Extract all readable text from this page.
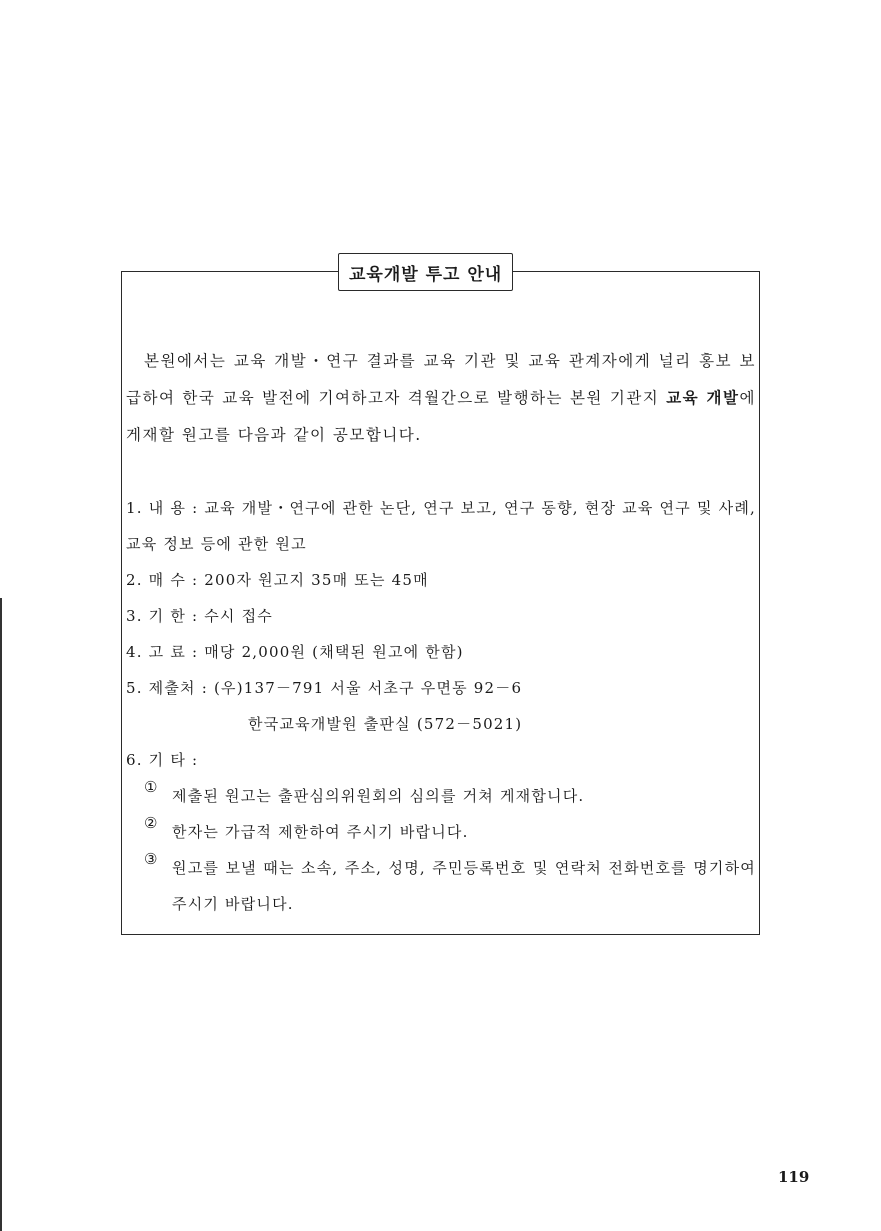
교육개발 투고 안내
본원에서는 교육 개발・연구 결과를 교육 기관 및 교육 관계자에게 널리 홍보 보급하여 한국 교육 발전에 기여하고자 격월간으로 발행하는 본원 기관지 교육 개발에 게재할 원고를 다음과 같이 공모합니다.
1. 내 용 : 교육 개발・연구에 관한 논단, 연구 보고, 연구 동향, 현장 교육 연구 및 사례, 교육 정보 등에 관한 원고
2. 매 수 : 200자 원고지 35매 또는 45매
3. 기 한 : 수시 접수
4. 고 료 : 매당 2,000원 (채택된 원고에 한함)
5. 제출처 : (우)137－791 서울 서초구 우면동 92－6
한국교육개발원 출판실 (572－5021)
6. 기 타 :
① 제출된 원고는 출판심의위원회의 심의를 거쳐 게재합니다.
② 한자는 가급적 제한하여 주시기 바랍니다.
③ 원고를 보낼 때는 소속, 주소, 성명, 주민등록번호 및 연락처 전화번호를 명기하여 주시기 바랍니다.
119
